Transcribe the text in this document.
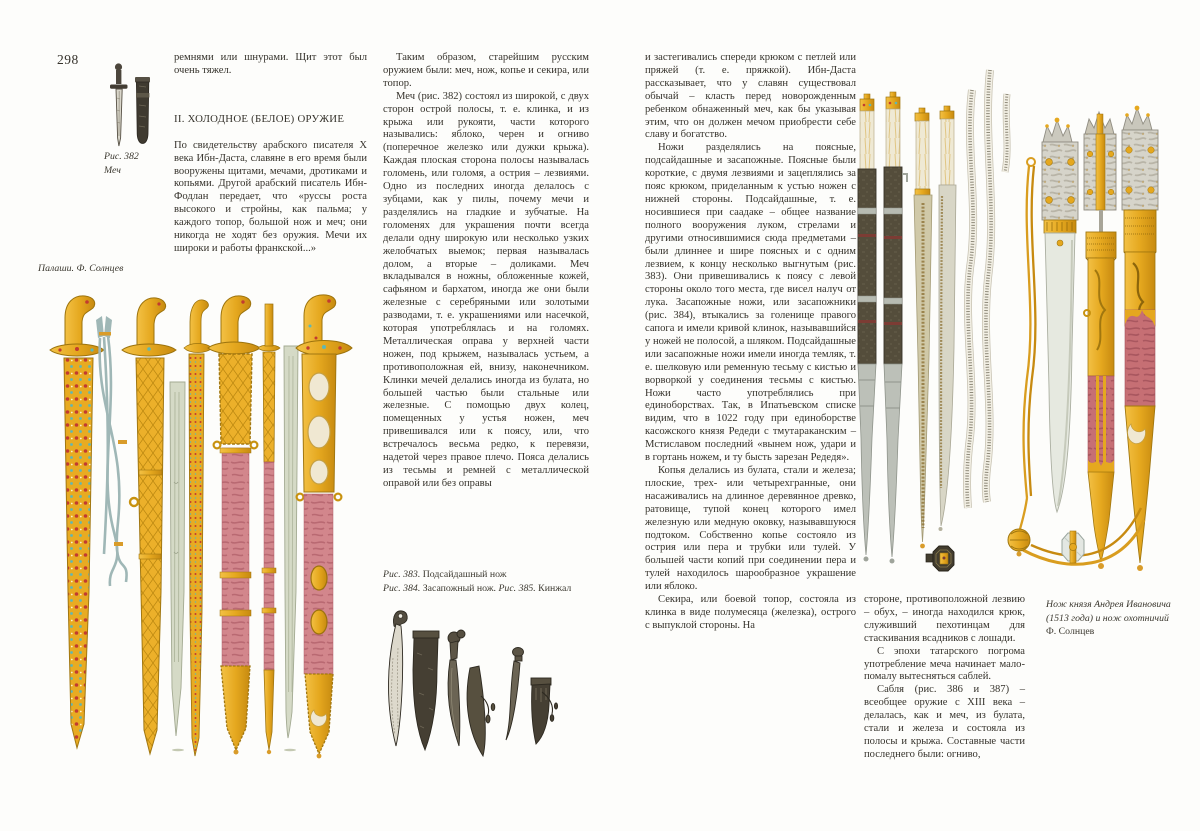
298
Рис. 382
Меч

ремнями или шнурами. Щит этот был очень тяжел.

II. ХОЛОДНОЕ (БЕЛОЕ) ОРУЖИЕ

По свидетельству арабского писателя X века Ибн-Даста, славяне в его время были вооружены щитами, мечами, дротиками и копьями. Другой арабский писатель Ибн-Фодлан передает, что «руссы роста высокого и стройны, как пальма; у каждого топор, большой нож и меч; они никогда не ходят без оружия. Мечи их широки и работы франкской...»

Палаши. Ф. Солнцев

Таким образом, старейшим русским оружием были: меч, нож, копье и секира, или топор.

Меч (рис. 382) состоял из широкой, с двух сторон острой полосы, т. е. клинка, и из крыжа или рукояти, части которого назывались: яблоко, черен и огниво (поперечное железко или дужки крыжа). Каждая плоская сторона полосы называлась голомень, или голомя, а острия – лезвиями. Одно из последних иногда делалось с зубцами, как у пилы, почему мечи и разделялись на гладкие и зубчатые. На голоменях для украшения почти всегда делали одну широкую или несколько узких желобчатых выемок; первая называлась долом, а вторые – доликами. Меч вкладывался в ножны, обложенные кожей, сафьяном и бархатом, иногда же они были железные с серебряными или золотыми разводами, т. е. украшениями или насечкой, которая употреблялась и на голомях. Металлическая оправа у верхней части ножен, под крыжем, называлась устьем, а противоположная ей, внизу, наконечником. Клинки мечей делались иногда из булата, но большей частью были стальные или железные. С помощью двух колец, помещенных у устья ножен, меч привешивался или к поясу, или, что встречалось весьма редко, к перевязи, надетой через правое плечо. Пояса делались из тесьмы и ремней с металлической оправой или без оправы

Рис. 383. Подсайдашный нож
Рис. 384. Засапожный нож. Рис. 385. Кинжал

и застегивались спереди крюком с петлей или пряжей (т. е. пряжкой). Ибн-Даста рассказывает, что у славян существовал обычай – класть перед новорожденным ребенком обнаженный меч, как бы указывая этим, что он должен мечом приобрести себе славу и богатство.

Ножи разделялись на поясные, подсайдашные и засапожные. Поясные были короткие, с двумя лезвиями и зацеплялись за пояс крюком, приделанным к устью ножен с нижней стороны. Подсайдашные, т. е. носившиеся при саадаке – общее название полного вооружения луком, стрелами и другими относившимися сюда предметами – были длиннее и шире поясных и с одним лезвием, к концу несколько выгнутым (рис. 383). Они привешивались к поясу с левой стороны около того места, где висел налуч от лука. Засапожные ножи, или засапожники (рис. 384), втыкались за голенище правого сапога и имели кривой клинок, называвшийся у ножей не полосой, а шляком. Подсайдашные или засапожные ножи имели иногда темляк, т. е. шелковую или ременную тесьму с кистью и ворворкой у соединения тесьмы с кистью. Ножи часто употреблялись при единоборствах. Так, в Ипатьевском списке видим, что в 1022 году при единоборстве касожского князя Редеди с тмутараканским – Мстиславом последний «вынем нож, удари и в гортань ножем, и ту бысть зарезан Редедя».

Копья делались из булата, стали и железа; плоские, трех- или четырехгранные, они насаживались на длинное деревянное древко, ратовище, тупой конец которого имел железную или медную оковку, называвшуюся подтоком. Собственно копье состояло из острия или пера и трубки или тулей. У большей части копий при соединении пера и тулей находилось шарообразное украшение или яблоко.

Секира, или боевой топор, состояла из клинка в виде полумесяца (железка), острого с выпуклой стороны. На

стороне, противоположной лезвию – обух, – иногда находился крюк, служивший пехотинцам для стаскивания всадников с лошади.

С эпохи татарского погрома употребление меча начинает мало-помалу вытесняться саблей.

Сабля (рис. 386 и 387) – всеобщее оружие с XIII века – делалась, как и меч, из булата, стали и железа и состояла из полосы и крыжа. Составные части последнего были: огниво,

Нож князя Андрея Ивановича
(1513 года) и нож охотничий
Ф. Солнцев
